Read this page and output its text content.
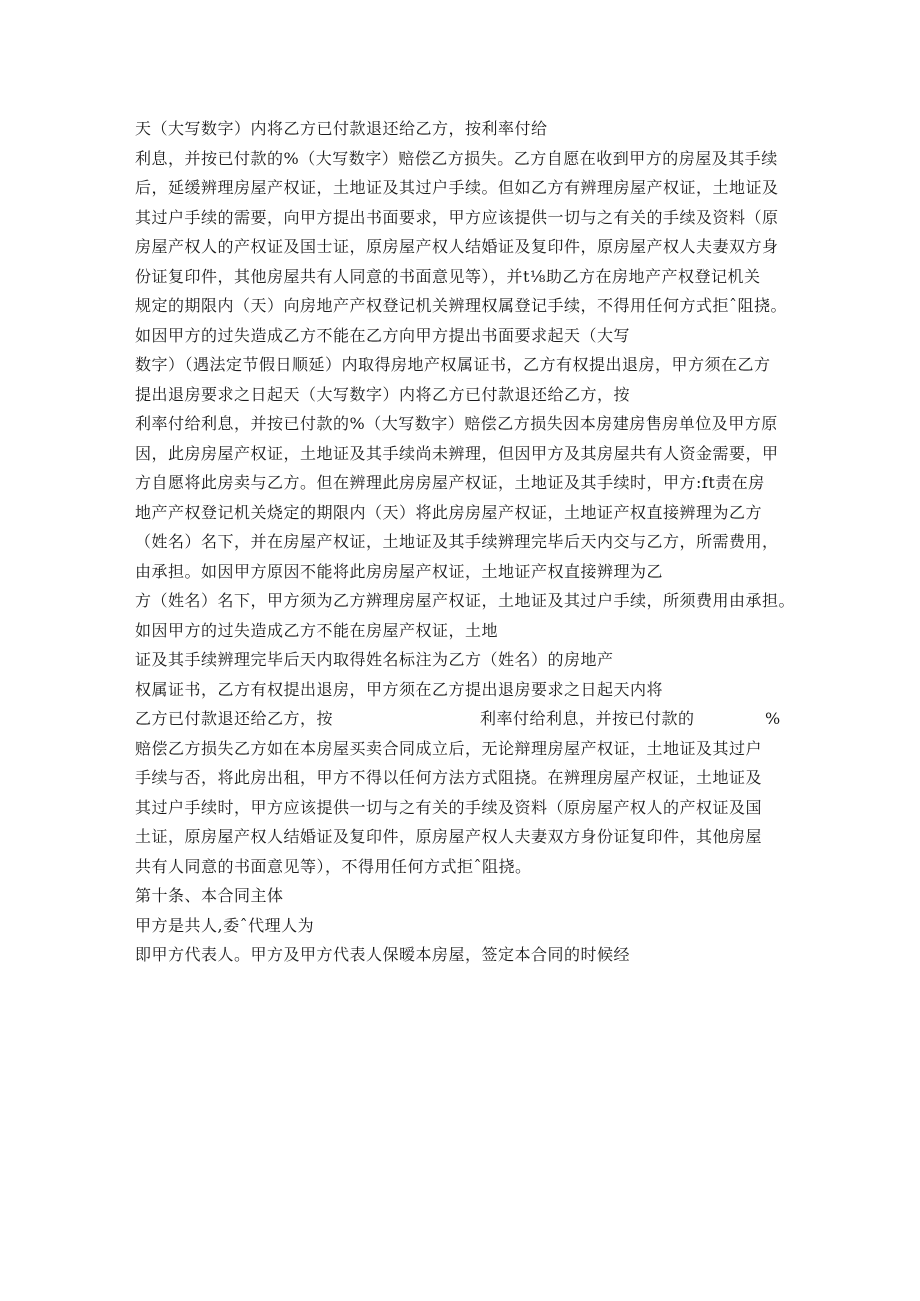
天（大写数字）内将乙方已付款退还给乙方，按利率付给
利息，并按已付款的%（大写数字）赔偿乙方损失。乙方自愿在收到甲方的房屋及其手续
后，延缓辨理房屋产权证，土地证及其过户手续。但如乙方有辨理房屋产权证，土地证及
其过户手续的需要，向甲方提出书面要求，甲方应该提供一切与之有关的手续及资料（原
房屋产权人的产权证及国士证，原房屋产权人结婚证及复印件，原房屋产权人夫妻双方身
份证复印件，其他房屋共有人同意的书面意见等），并t⅛助乙方在房地产产权登记机关
规定的期限内（天）向房地产产权登记机关辨理权属登记手续，不得用任何方式拒ˆ阻挠。
如因甲方的过失造成乙方不能在乙方向甲方提出书面要求起天（大写
数字）（遇法定节假日顺延）内取得房地产权属证书，乙方有权提出退房，甲方须在乙方
提出退房要求之日起天（大写数字）内将乙方已付款退还给乙方，按
利率付给利息，并按已付款的%（大写数字）赔偿乙方损失因本房建房售房单位及甲方原
因，此房房屋产权证，土地证及其手续尚未辨理，但因甲方及其房屋共有人资金需要，甲
方自愿将此房卖与乙方。但在辨理此房房屋产权证，土地证及其手续时，甲方:ft责在房
地产产权登记机关烧定的期限内（天）将此房房屋产权证，土地证产权直接辨理为乙方
（姓名）名下，并在房屋产权证，土地证及其手续辨理完毕后天内交与乙方，所需费用，
由承担。如因甲方原因不能将此房房屋产权证，土地证产权直接辨理为乙
方（姓名）名下，甲方须为乙方辨理房屋产权证，土地证及其过户手续，所须费用由承担。
如因甲方的过失造成乙方不能在房屋产权证，土地
证及其手续辨理完毕后天内取得姓名标注为乙方（姓名）的房地产
权属证书，乙方有权提出退房，甲方须在乙方提出退房要求之日起天内将
乙方已付款退还给乙方，按	利率付给利息，并按已付款的	%
赔偿乙方损失乙方如在本房屋买卖合同成立后，无论辩理房屋产权证，土地证及其过户
手续与否，将此房出租，甲方不得以任何方法方式阻挠。在辨理房屋产权证，土地证及
其过户手续时，甲方应该提供一切与之有关的手续及资料（原房屋产权人的产权证及国
土证，原房屋产权人结婚证及复印件，原房屋产权人夫妻双方身份证复印件，其他房屋
共有人同意的书面意见等），不得用任何方式拒ˆ阻挠。
第十条、本合同主体
甲方是共人,委ˆ代理人为
即甲方代表人。甲方及甲方代表人保暧本房屋，签定本合同的时候经
